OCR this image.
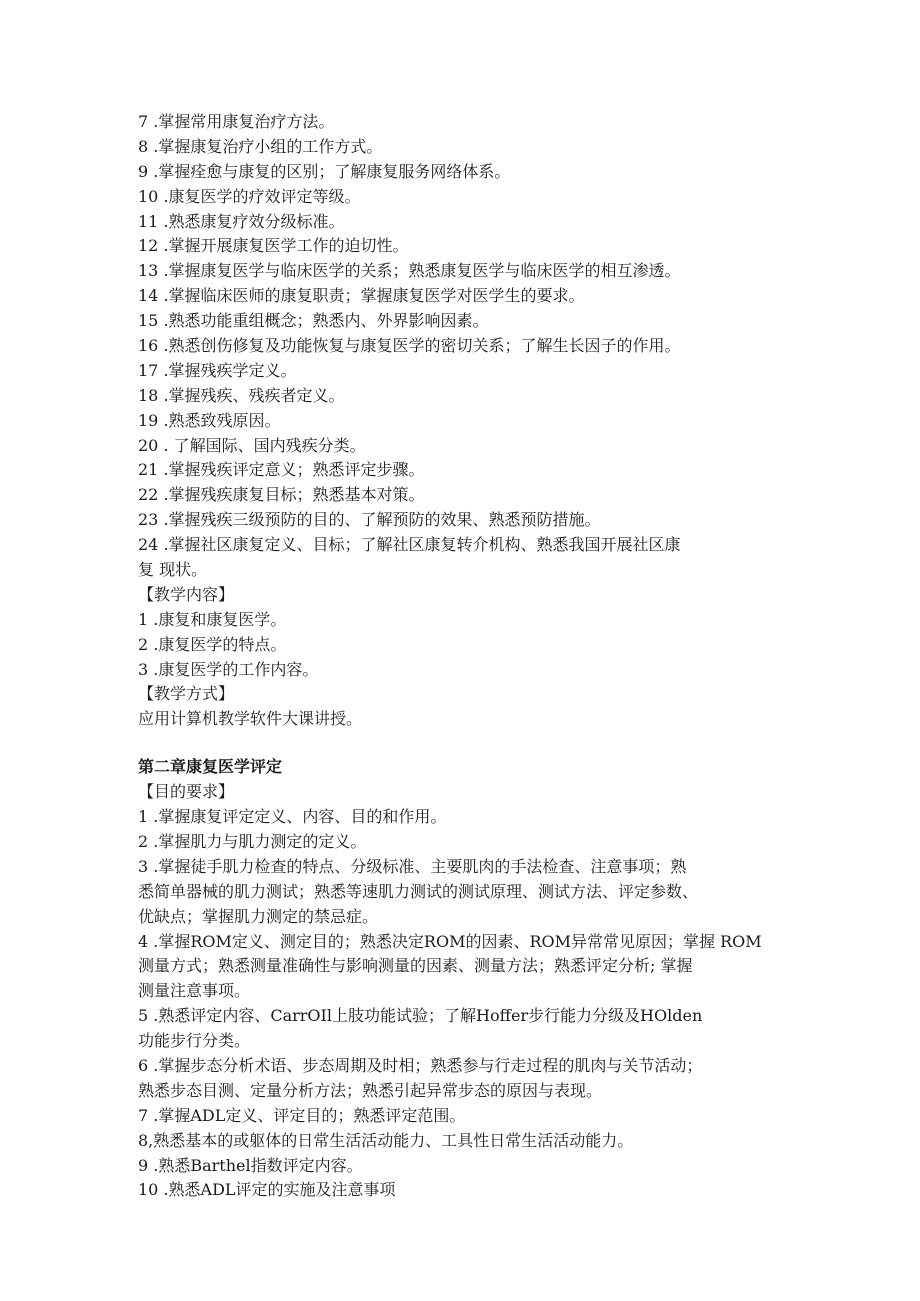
7 .掌握常用康复治疗方法。
8 .掌握康复治疗小组的工作方式。
9 .掌握痊愈与康复的区别；了解康复服务网络体系。
10 .康复医学的疗效评定等级。
11 .熟悉康复疗效分级标准。
12 .掌握开展康复医学工作的迫切性。
13 .掌握康复医学与临床医学的关系；熟悉康复医学与临床医学的相互渗透。
14 .掌握临床医师的康复职责；掌握康复医学对医学生的要求。
15 .熟悉功能重组概念；熟悉内、外界影响因素。
16 .熟悉创伤修复及功能恢复与康复医学的密切关系；了解生长因子的作用。
17 .掌握残疾学定义。
18 .掌握残疾、残疾者定义。
19 .熟悉致残原因。
20 . 了解国际、国内残疾分类。
21 .掌握残疾评定意义；熟悉评定步骤。
22 .掌握残疾康复目标；熟悉基本对策。
23 .掌握残疾三级预防的目的、了解预防的效果、熟悉预防措施。
24 .掌握社区康复定义、目标；了解社区康复转介机构、熟悉我国开展社区康
复 现状。
【教学内容】
1 .康复和康复医学。
2 .康复医学的特点。
3 .康复医学的工作内容。
【教学方式】
应用计算机教学软件大课讲授。
第二章康复医学评定
【目的要求】
1 .掌握康复评定定义、内容、目的和作用。
2 .掌握肌力与肌力测定的定义。
3 .掌握徒手肌力检查的特点、分级标准、主要肌肉的手法检查、注意事项；熟
悉简单器械的肌力测试；熟悉等速肌力测试的测试原理、测试方法、评定参数、
优缺点；掌握肌力测定的禁忌症。
4 .掌握ROM定义、测定目的；熟悉决定ROM的因素、ROM异常常见原因；掌握 ROM
测量方式；熟悉测量准确性与影响测量的因素、测量方法；熟悉评定分析; 掌握
测量注意事项。
5 .熟悉评定内容、CarrOIl上肢功能试验；了解Hoffer步行能力分级及HOlden
功能步行分类。
6 .掌握步态分析术语、步态周期及时相；熟悉参与行走过程的肌肉与关节活动；
熟悉步态目测、定量分析方法；熟悉引起异常步态的原因与表现。
7 .掌握ADL定义、评定目的；熟悉评定范围。
8,熟悉基本的或躯体的日常生活活动能力、工具性日常生活活动能力。
9 .熟悉Barthel指数评定内容。
10 .熟悉ADL评定的实施及注意事项
